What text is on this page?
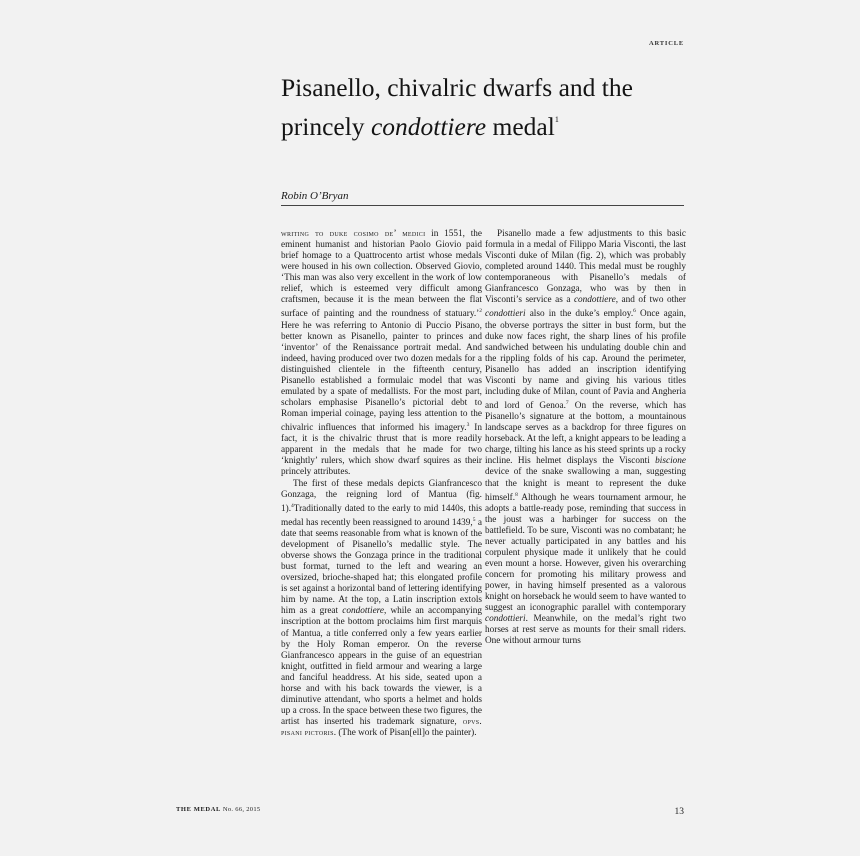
ARTICLE
Pisanello, chivalric dwarfs and the princely condottiere medal$^1$
Robin O’Bryan

writing to duke cosimo de’ medici in 1551, the eminent humanist and historian Paolo Giovio paid brief homage to a Quattrocento artist whose medals were housed in his own collection. Observed Giovio, ‘This man was also very excellent in the work of low relief, which is esteemed very difficult among craftsmen, because it is the mean between the flat surface of painting and the roundness of statuary.’$^2$ Here he was referring to Antonio di Puccio Pisano, better known as Pisanello, painter to princes and ‘inventor’ of the Renaissance portrait medal. And indeed, having produced over two dozen medals for a distinguished clientele in the fifteenth century, Pisanello established a formulaic model that was emulated by a spate of medallists. For the most part, scholars emphasise Pisanello’s pictorial debt to Roman imperial coinage, paying less attention to the chivalric influences that informed his imagery.$^3$ In fact, it is the chivalric thrust that is more readily apparent in the medals that he made for two ‘knightly’ rulers, which show dwarf squires as their princely attributes.

The first of these medals depicts Gianfrancesco Gonzaga, the reigning lord of Mantua (fig. 1).$^4$Traditionally dated to the early to mid 1440s, this medal has recently been reassigned to around 1439,$^5$ a date that seems reasonable from what is known of the development of Pisanello’s medallic style. The obverse shows the Gonzaga prince in the traditional bust format, turned to the left and wearing an oversized, brioche-shaped hat; this elongated profile is set against a horizontal band of lettering identifying him by name. At the top, a Latin inscription extols him as a great condottiere, while an accompanying inscription at the bottom proclaims him first marquis of Mantua, a title conferred only a few years earlier by the Holy Roman emperor. On the reverse Gianfrancesco appears in the guise of an equestrian knight, outfitted in field armour and wearing a large and fanciful headdress. At his side, seated upon a horse and with his back towards the viewer, is a diminutive attendant, who sports a helmet and holds up a cross. In the space between these two figures, the artist has inserted his trademark signature, opvs. pisani pictoris. (The work of Pisan[ell]o the painter).

Pisanello made a few adjustments to this basic formula in a medal of Filippo Maria Visconti, the last Visconti duke of Milan (fig. 2), which was probably completed around 1440. This medal must be roughly contemporaneous with Pisanello’s medals of Gianfrancesco Gonzaga, who was by then in Visconti’s service as a condottiere, and of two other condottieri also in the duke’s employ.$^6$ Once again, the obverse portrays the sitter in bust form, but the duke now faces right, the sharp lines of his profile sandwiched between his undulating double chin and the rippling folds of his cap. Around the perimeter, Pisanello has added an inscription identifying Visconti by name and giving his various titles including duke of Milan, count of Pavia and Angheria and lord of Genoa.$^7$ On the reverse, which has Pisanello’s signature at the bottom, a mountainous landscape serves as a backdrop for three figures on horseback. At the left, a knight appears to be leading a charge, tilting his lance as his steed sprints up a rocky incline. His helmet displays the Visconti biscione device of the snake swallowing a man, suggesting that the knight is meant to represent the duke himself.$^8$ Although he wears tournament armour, he adopts a battle-ready pose, reminding that success in the joust was a harbinger for success on the battlefield. To be sure, Visconti was no combatant; he never actually participated in any battles and his corpulent physique made it unlikely that he could even mount a horse. However, given his overarching concern for promoting his military prowess and power, in having himself presented as a valorous knight on horseback he would seem to have wanted to suggest an iconographic parallel with contemporary condottieri. Meanwhile, on the medal’s right two horses at rest serve as mounts for their small riders. One without armour turns

THE MEDAL No. 66, 2015	13
